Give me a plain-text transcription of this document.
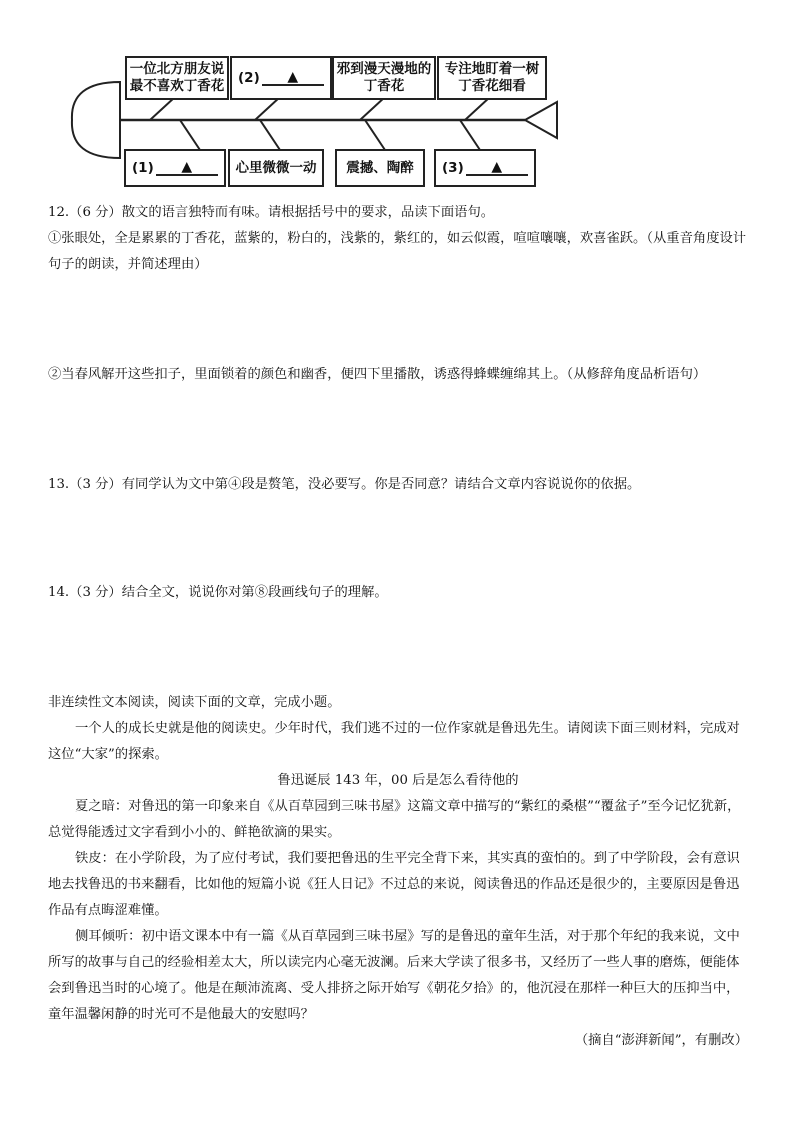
一位北方朋友说
最不喜欢丁香花
(2)	▲	邪到漫天漫地的
丁香花
专注地盯着一树
丁香花细看
(1)	▲	心里微微一动 震撼、陶醉 (3)	▲

12.（6 分）散文的语言独特而有味。请根据括号中的要求，品读下面语句。

①张眼处，全是累累的丁香花，蓝紫的，粉白的，浅紫的，紫红的，如云似霞，喧喧嚷嚷，欢喜雀跃。（从重音角度设计句子的朗读，并简述理由）

②当春风解开这些扣子，里面锁着的颜色和幽香，便四下里播散，诱惑得蜂蝶缠绵其上。（从修辞角度品析语句）

13.（3 分）有同学认为文中第④段是赘笔，没必要写。你是否同意？请结合文章内容说说你的依据。

14.（3 分）结合全文，说说你对第⑧段画线句子的理解。

非连续性文本阅读，阅读下面的文章，完成小题。

一个人的成长史就是他的阅读史。少年时代，我们逃不过的一位作家就是鲁迅先生。请阅读下面三则材料，完成对这位“大家”的探索。

鲁迅诞辰 143 年，00 后是怎么看待他的

夏之暗：对鲁迅的第一印象来自《从百草园到三味书屋》这篇文章中描写的“紫红的桑椹”“覆盆子”至今记忆犹新，总觉得能透过文字看到小小的、鲜艳欲滴的果实。

铁皮：在小学阶段，为了应付考试，我们要把鲁迅的生平完全背下来，其实真的蛮怕的。到了中学阶段，会有意识地去找鲁迅的书来翻看，比如他的短篇小说《狂人日记》不过总的来说，阅读鲁迅的作品还是很少的，主要原因是鲁迅作品有点晦涩难懂。

侧耳倾听：初中语文课本中有一篇《从百草园到三味书屋》写的是鲁迅的童年生活，对于那个年纪的我来说，文中所写的故事与自己的经验相差太大，所以读完内心毫无波澜。后来大学读了很多书，又经历了一些人事的磨炼，便能体会到鲁迅当时的心境了。他是在颠沛流离、受人排挤之际开始写《朝花夕拾》的，他沉浸在那样一种巨大的压抑当中，童年温馨闲静的时光可不是他最大的安慰吗？

（摘自“澎湃新闻”，有删改）
